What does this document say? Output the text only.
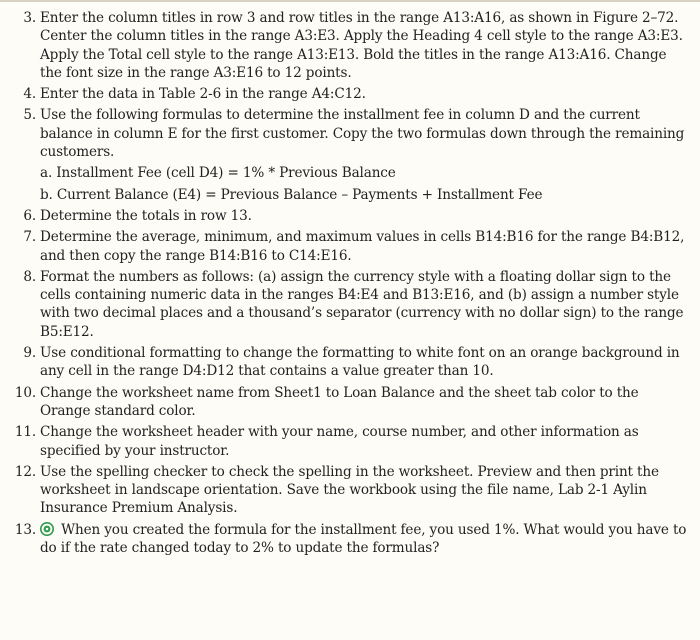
3. Enter the column titles in row 3 and row titles in the range A13:A16, as shown in Figure 2–72. Center the column titles in the range A3:E3. Apply the Heading 4 cell style to the range A3:E3. Apply the Total cell style to the range A13:E13. Bold the titles in the range A13:A16. Change the font size in the range A3:E16 to 12 points.
4. Enter the data in Table 2-6 in the range A4:C12.
5. Use the following formulas to determine the installment fee in column D and the current balance in column E for the first customer. Copy the two formulas down through the remaining customers.
a. Installment Fee (cell D4) = 1% * Previous Balance
b. Current Balance (E4) = Previous Balance – Payments + Installment Fee
6. Determine the totals in row 13.
7. Determine the average, minimum, and maximum values in cells B14:B16 for the range B4:B12, and then copy the range B14:B16 to C14:E16.
8. Format the numbers as follows: (a) assign the currency style with a floating dollar sign to the cells containing numeric data in the ranges B4:E4 and B13:E16, and (b) assign a number style with two decimal places and a thousand’s separator (currency with no dollar sign) to the range B5:E12.
9. Use conditional formatting to change the formatting to white font on an orange background in any cell in the range D4:D12 that contains a value greater than 10.
10. Change the worksheet name from Sheet1 to Loan Balance and the sheet tab color to the Orange standard color.
11. Change the worksheet header with your name, course number, and other information as specified by your instructor.
12. Use the spelling checker to check the spelling in the worksheet. Preview and then print the worksheet in landscape orientation. Save the workbook using the file name, Lab 2-1 Aylin Insurance Premium Analysis.
13. When you created the formula for the installment fee, you used 1%. What would you have to do if the rate changed today to 2% to update the formulas?
